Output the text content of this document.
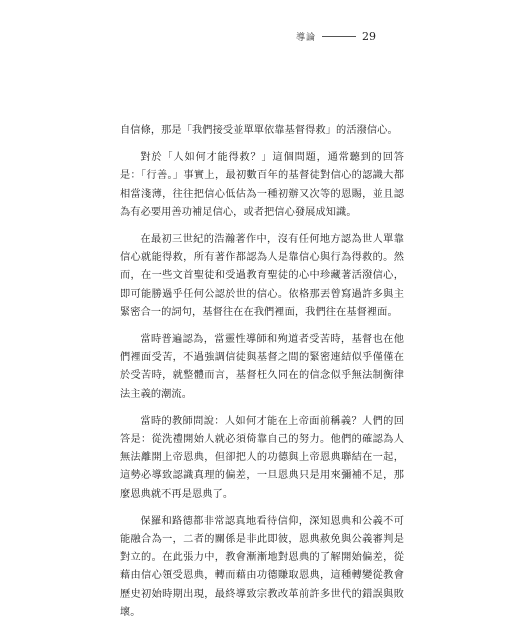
導論	29

自信條，那是「我們接受並單單依靠基督得救」的活潑信心。

對於「人如何才能得救？」這個問題，通常聽到的回答是：「行善。」事實上，最初數百年的基督徒對信心的認識大都相當淺薄，往往把信心低估為一種初辦又次等的恩賜，並且認為有必要用善功補足信心，或者把信心發展成知識。

在最初三世紀的浩瀚著作中，沒有任何地方認為世人單靠信心就能得救，所有著作都認為人是靠信心與行為得救的。然而，在一些文首聖徒和受過教育聖徒的心中珍藏著活潑信心，即可能勝過乎任何公認於世的信心。依格那丟曾寫過許多與主緊密合一的詞句，基督往在在我們裡面，我們往在基督裡面。

當時普遍認為，當靈性導師和殉道者受苦時，基督也在他們裡面受苦，不過強調信徒與基督之間的緊密連結似乎僅僅在於受苦時，就整體而言，基督枉久同在的信念似乎無法制衡律法主義的潮流。

當時的教師問說：人如何才能在上帝面前稱義？人們的回答是：從洗禮開始人就必須倚靠自己的努力。他們的確認為人無法離開上帝恩典，但卻把人的功德與上帝恩典聯結在一起，這勢必導致認識真理的偏差，一旦恩典只是用來彌補不足，那麼恩典就不再是恩典了。

保羅和路德都非常認真地看待信仰，深知恩典和公義不可能融合為一，二者的關係是非此即彼，恩典赦免與公義審判是對立的。在此張力中，教會漸漸地對恩典的了解開始偏差，從藉由信心領受恩典，轉而藉由功德賺取恩典，這種轉變從教會歷史初始時期出現，最終導致宗教改革前許多世代的錯誤與敗壞。
